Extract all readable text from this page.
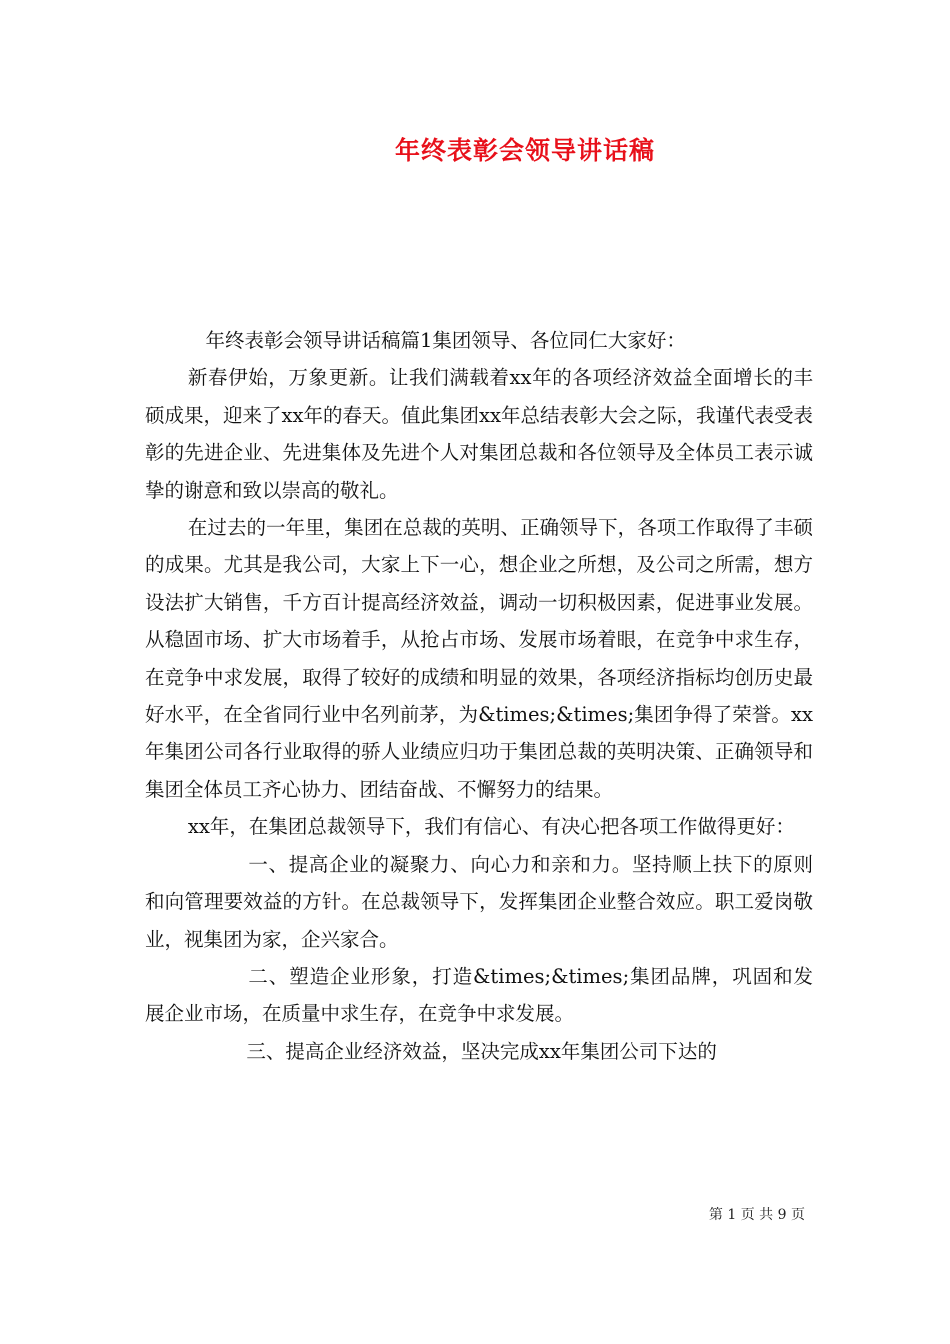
年终表彰会领导讲话稿

年终表彰会领导讲话稿篇1集团领导、各位同仁大家好：

新春伊始，万象更新。让我们满载着xx年的各项经济效益全面增长的丰硕成果，迎来了xx年的春天。值此集团xx年总结表彰大会之际，我谨代表受表彰的先进企业、先进集体及先进个人对集团总裁和各位领导及全体员工表示诚挚的谢意和致以崇高的敬礼。

在过去的一年里，集团在总裁的英明、正确领导下，各项工作取得了丰硕的成果。尤其是我公司，大家上下一心，想企业之所想，及公司之所需，想方设法扩大销售，千方百计提高经济效益，调动一切积极因素，促进事业发展。从稳固市场、扩大市场着手，从抢占市场、发展市场着眼，在竞争中求生存，在竞争中求发展，取得了较好的成绩和明显的效果，各项经济指标均创历史最好水平，在全省同行业中名列前茅，为&times;&times;集团争得了荣誉。xx年集团公司各行业取得的骄人业绩应归功于集团总裁的英明决策、正确领导和集团全体员工齐心协力、团结奋战、不懈努力的结果。

xx年，在集团总裁领导下，我们有信心、有决心把各项工作做得更好：

一、提高企业的凝聚力、向心力和亲和力。坚持顺上扶下的原则和向管理要效益的方针。在总裁领导下，发挥集团企业整合效应。职工爱岗敬业，视集团为家，企兴家合。

二、塑造企业形象，打造&times;&times;集团品牌，巩固和发展企业市场，在质量中求生存，在竞争中求发展。

三、提高企业经济效益，坚决完成xx年集团公司下达的

第 1 页 共 9 页
